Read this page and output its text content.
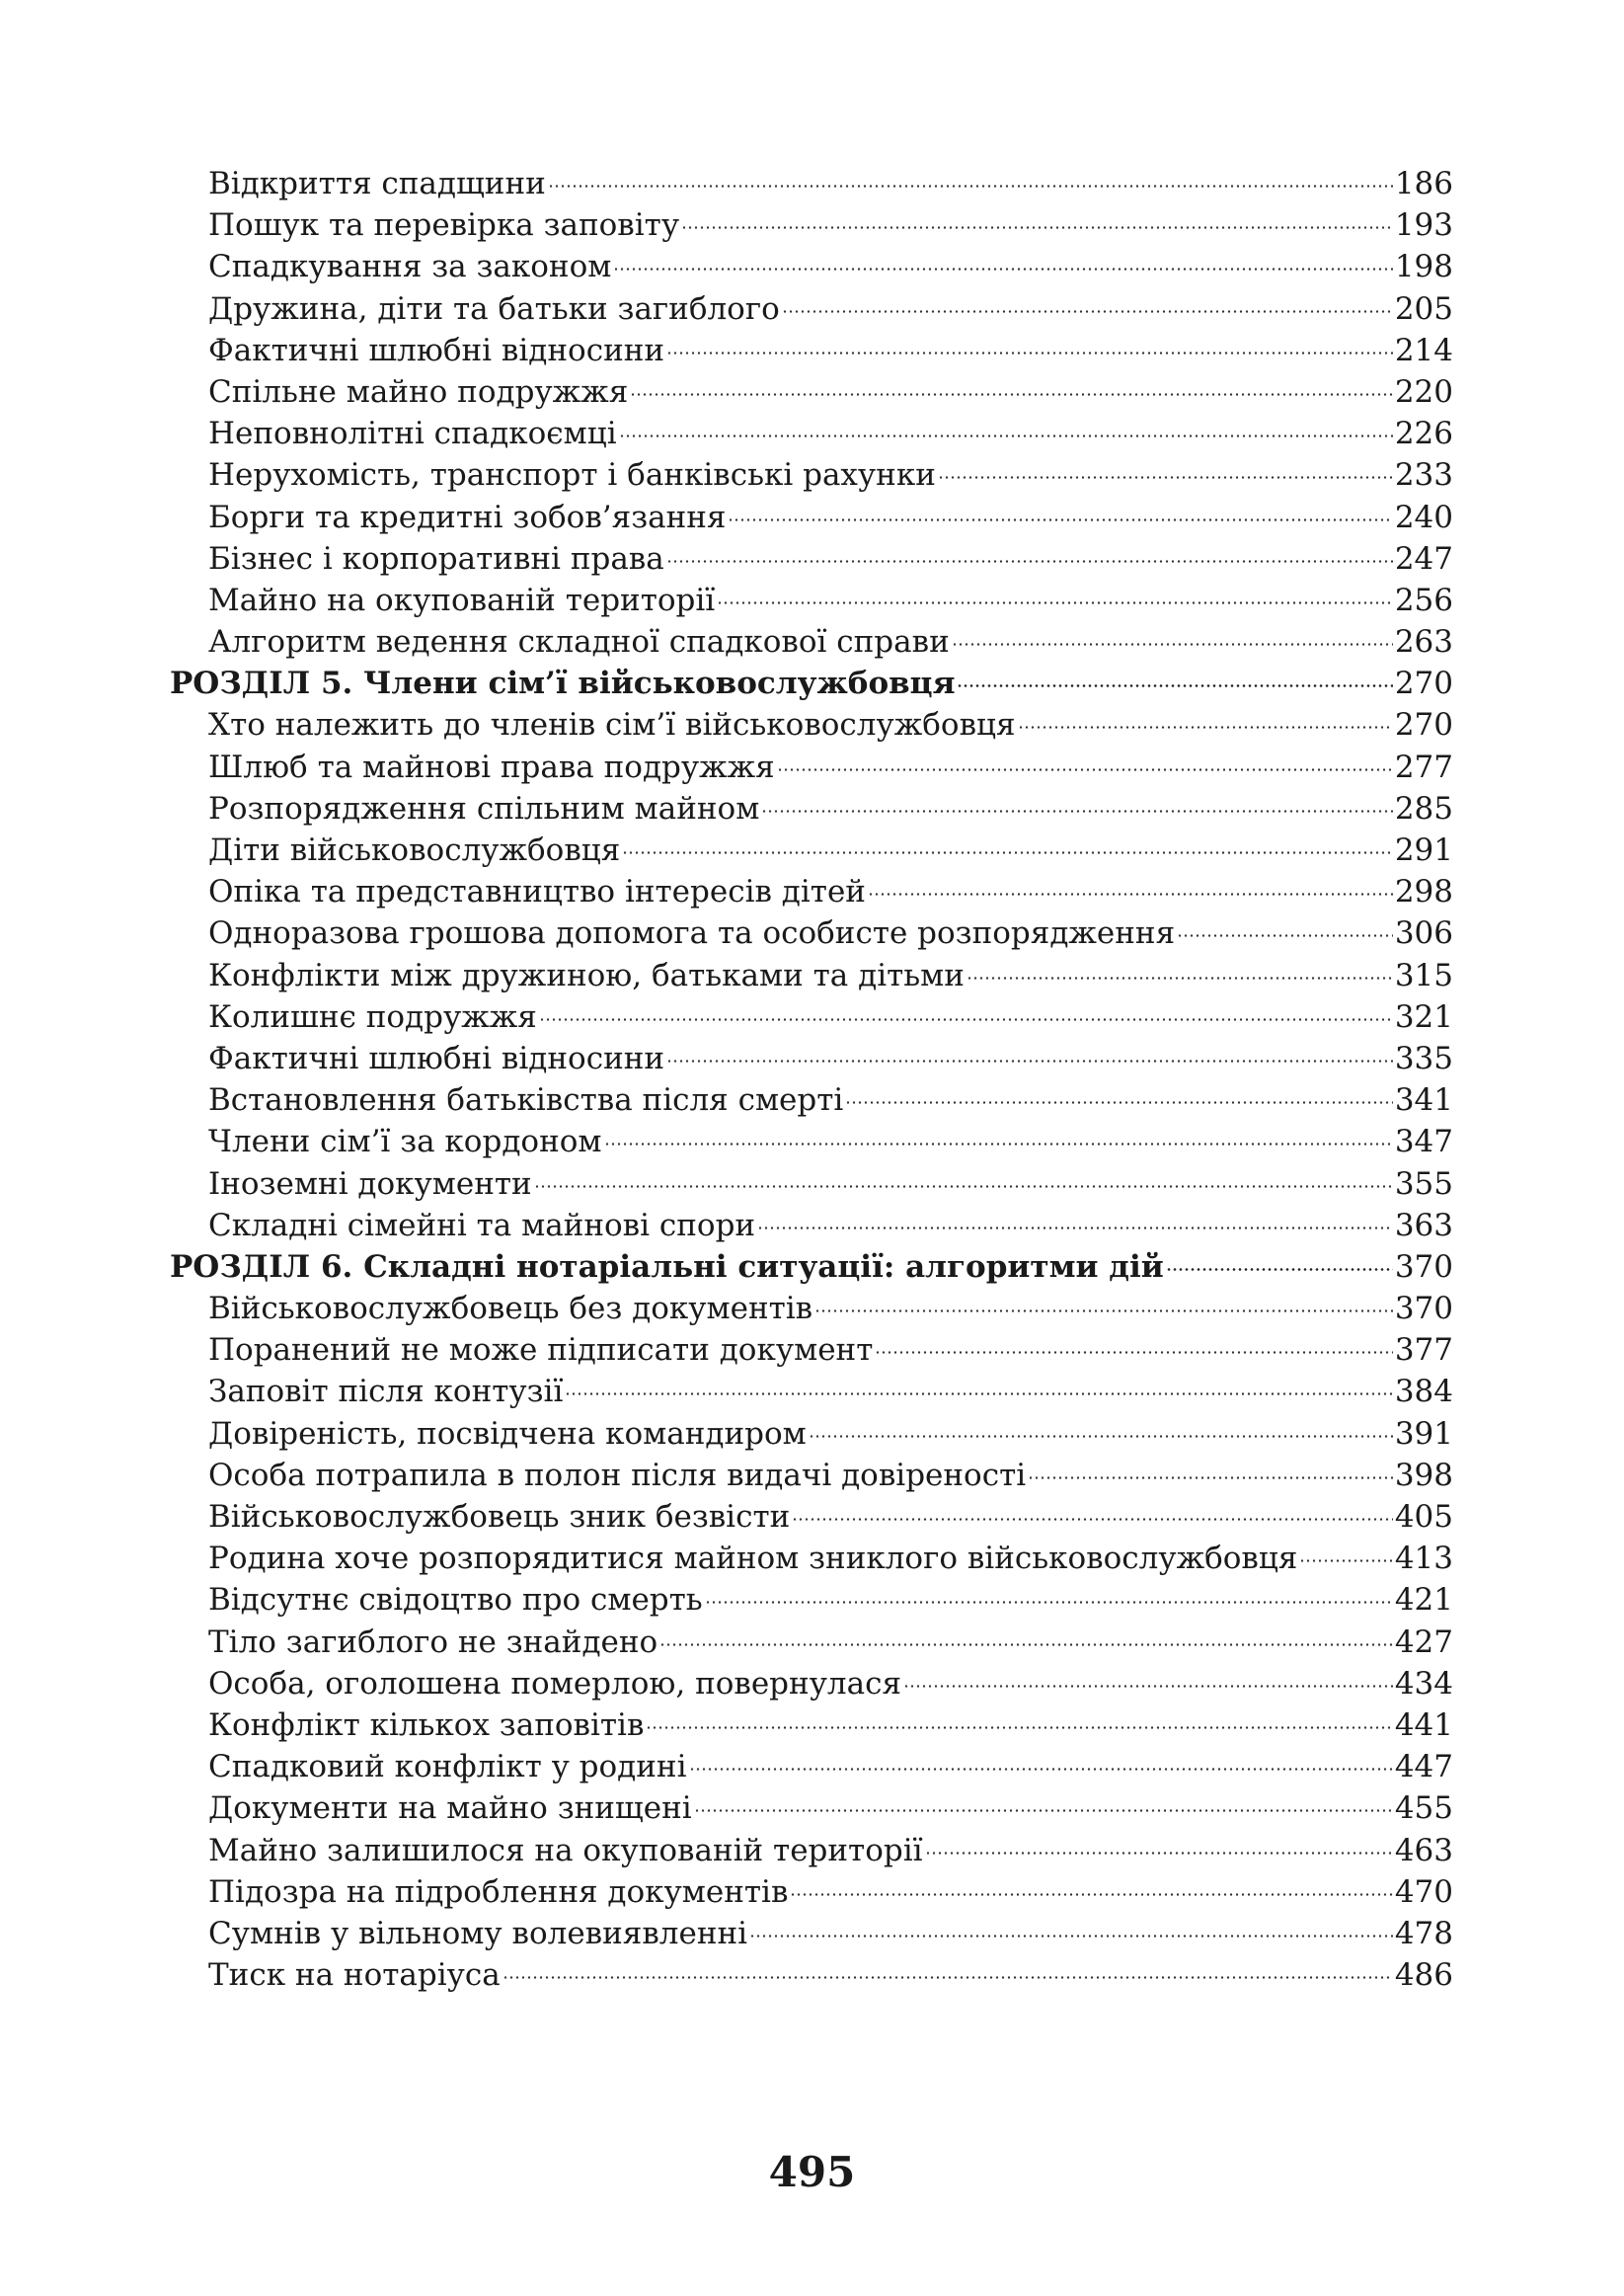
Відкриття спадщини	186
Пошук та перевірка заповіту	193
Спадкування за законом	198
Дружина, діти та батьки загиблого	205
Фактичні шлюбні відносини	214
Спільне майно подружжя	220
Неповнолітні спадкоємці	226
Нерухомість, транспорт і банківські рахунки	233
Борги та кредитні зобов’язання	240
Бізнес і корпоративні права	247
Майно на окупованій території	256
Алгоритм ведення складної спадкової справи	263
РОЗДІЛ 5. Члени сім’ї військовослужбовця	270
Хто належить до членів сім’ї військовослужбовця	270
Шлюб та майнові права подружжя	277
Розпорядження спільним майном	285
Діти військовослужбовця	291
Опіка та представництво інтересів дітей	298
Одноразова грошова допомога та особисте розпорядження	306
Конфлікти між дружиною, батьками та дітьми	315
Колишнє подружжя	321
Фактичні шлюбні відносини	335
Встановлення батьківства після смерті	341
Члени сім’ї за кордоном	347
Іноземні документи	355
Складні сімейні та майнові спори	363
РОЗДІЛ 6. Складні нотаріальні ситуації: алгоритми дій	370
Військовослужбовець без документів	370
Поранений не може підписати документ	377
Заповіт після контузії	384
Довіреність, посвідчена командиром	391
Особа потрапила в полон після видачі довіреності	398
Військовослужбовець зник безвісти	405
Родина хоче розпорядитися майном зниклого військовослужбовця	413
Відсутнє свідоцтво про смерть	421
Тіло загиблого не знайдено	427
Особа, оголошена померлою, повернулася	434
Конфлікт кількох заповітів	441
Спадковий конфлікт у родині	447
Документи на майно знищені	455
Майно залишилося на окупованій території	463
Підозра на підроблення документів	470
Сумнів у вільному волевиявленні	478
Тиск на нотаріуса	486
495
